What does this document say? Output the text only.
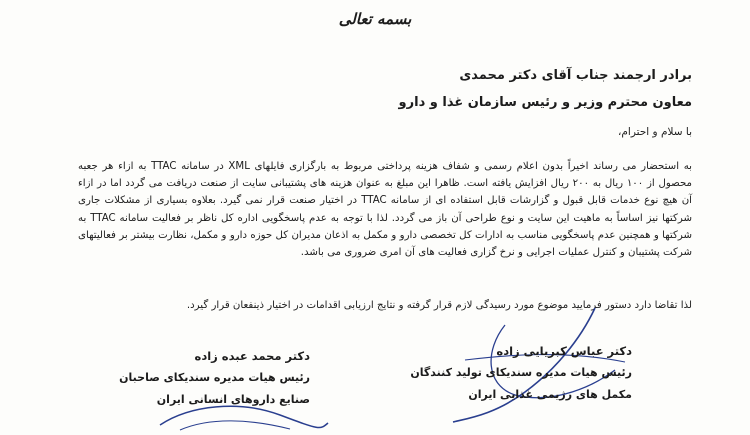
بسمه تعالی
برادر ارجمند جناب آقای دکتر محمدی
معاون محترم وزیر و رئیس سازمان غذا و دارو
با سلام و احترام،
به استحضار می رساند اخیراً بدون اعلام رسمی و شفاف هزینه پرداختی مربوط به بارگزاری فایلهای XML در سامانه TTAC به ازاء هر جعبه محصول از ۱۰۰ ریال به ۲۰۰ ریال افزایش یافته است. ظاهرا این مبلغ به عنوان هزینه های پشتیبانی سایت از صنعت دریافت می گردد اما در ازاء آن هیچ نوع خدمات قابل قبول و گزارشات قابل استفاده ای از سامانه TTAC در اختیار صنعت قرار نمی گیرد. بعلاوه بسیاری از مشکلات جاری شرکتها نیز اساساً به ماهیت این سایت و نوع طراحی آن باز می گردد. لذا با توجه به عدم پاسخگویی اداره کل ناظر بر فعالیت سامانه TTAC به شرکتها و همچنین عدم پاسخگویی مناسب به ادارات کل تخصصی دارو و مکمل به اذعان مدیران کل حوزه دارو و مکمل، نظارت بیشتر بر فعالیتهای شرکت پشتیبان و کنترل عملیات اجرایی و نرخ گزاری فعالیت های آن امری ضروری می باشد.
لذا تقاضا دارد دستور فرمایید موضوع مورد رسیدگی لازم قرار گرفته و نتایج ارزیابی اقدامات در اختیار ذینفعان قرار گیرد.
دکتر عباس کبریایی زاده
رئیس هیات مدیره سندیکای تولید کنندگان
مکمل های رژیمی غذایی ایران
دکتر محمد عبده زاده
رئیس هیات مدیره سندیکای صاحبان
صنایع داروهای انسانی ایران
